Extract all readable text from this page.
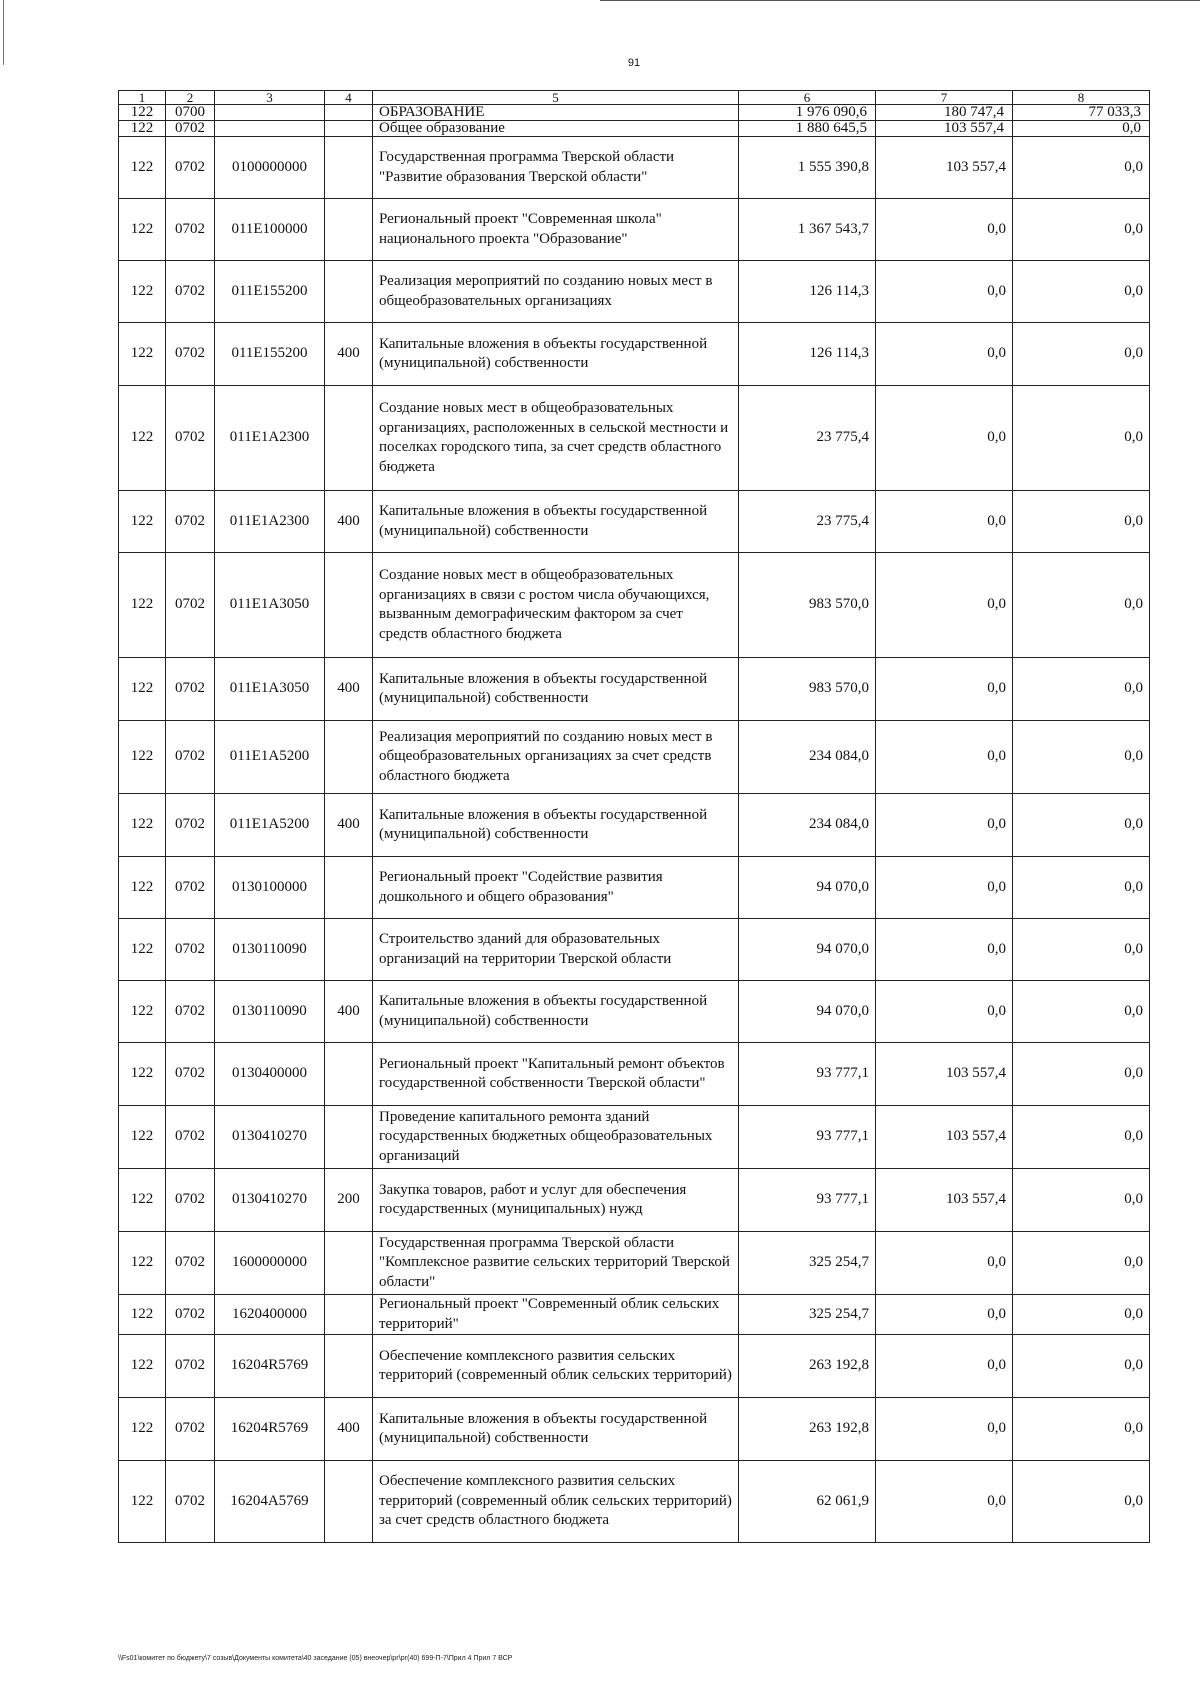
91
1	2	3	4	5	6	7	8
122	0700			ОБРАЗОВАНИЕ	1 976 090,6	180 747,4	77 033,3
122	0702			Общее образование	1 880 645,5	103 557,4	0,0
122	0702	0100000000		Государственная программа Тверской области "Развитие образования Тверской области"	1 555 390,8	103 557,4	0,0
122	0702	011E100000		Региональный проект "Современная школа" национального проекта "Образование"	1 367 543,7	0,0	0,0
122	0702	011E155200		Реализация мероприятий по созданию новых мест в общеобразовательных организациях	126 114,3	0,0	0,0
122	0702	011E155200	400	Капитальные вложения в объекты государственной (муниципальной) собственности	126 114,3	0,0	0,0
122	0702	011E1A2300		Создание новых мест в общеобразовательных организациях, расположенных в сельской местности и поселках городского типа, за счет средств областного бюджета	23 775,4	0,0	0,0
122	0702	011E1A2300	400	Капитальные вложения в объекты государственной (муниципальной) собственности	23 775,4	0,0	0,0
122	0702	011E1A3050		Создание новых мест в общеобразовательных организациях в связи с ростом числа обучающихся, вызванным демографическим фактором за счет средств областного бюджета	983 570,0	0,0	0,0
122	0702	011E1A3050	400	Капитальные вложения в объекты государственной (муниципальной) собственности	983 570,0	0,0	0,0
122	0702	011E1A5200		Реализация мероприятий по созданию новых мест в общеобразовательных организациях за счет средств областного бюджета	234 084,0	0,0	0,0
122	0702	011E1A5200	400	Капитальные вложения в объекты государственной (муниципальной) собственности	234 084,0	0,0	0,0
122	0702	0130100000		Региональный проект "Содействие развития дошкольного и общего образования"	94 070,0	0,0	0,0
122	0702	0130110090		Строительство зданий для образовательных организаций на территории Тверской области	94 070,0	0,0	0,0
122	0702	0130110090	400	Капитальные вложения в объекты государственной (муниципальной) собственности	94 070,0	0,0	0,0
122	0702	0130400000		Региональный проект "Капитальный ремонт объектов государственной собственности Тверской области"	93 777,1	103 557,4	0,0
122	0702	0130410270		Проведение капитального ремонта зданий государственных бюджетных общеобразовательных организаций	93 777,1	103 557,4	0,0
122	0702	0130410270	200	Закупка товаров, работ и услуг для обеспечения государственных (муниципальных) нужд	93 777,1	103 557,4	0,0
122	0702	1600000000		Государственная программа Тверской области "Комплексное развитие сельских территорий Тверской области"	325 254,7	0,0	0,0
122	0702	1620400000		Региональный проект "Современный облик сельских территорий"	325 254,7	0,0	0,0
122	0702	16204R5769		Обеспечение комплексного развития сельских территорий (современный облик сельских территорий)	263 192,8	0,0	0,0
122	0702	16204R5769	400	Капитальные вложения в объекты государственной (муниципальной) собственности	263 192,8	0,0	0,0
122	0702	16204A5769		Обеспечение комплексного развития сельских территорий (современный облик сельских территорий) за счет средств областного бюджета	62 061,9	0,0	0,0
\\Fs01\комитет по бюджету\7 созыв\Документы комитета\40 заседание (05) внеочер\рг\рг(40) 699-П-7\Прил 4 Прил 7 ВСР
